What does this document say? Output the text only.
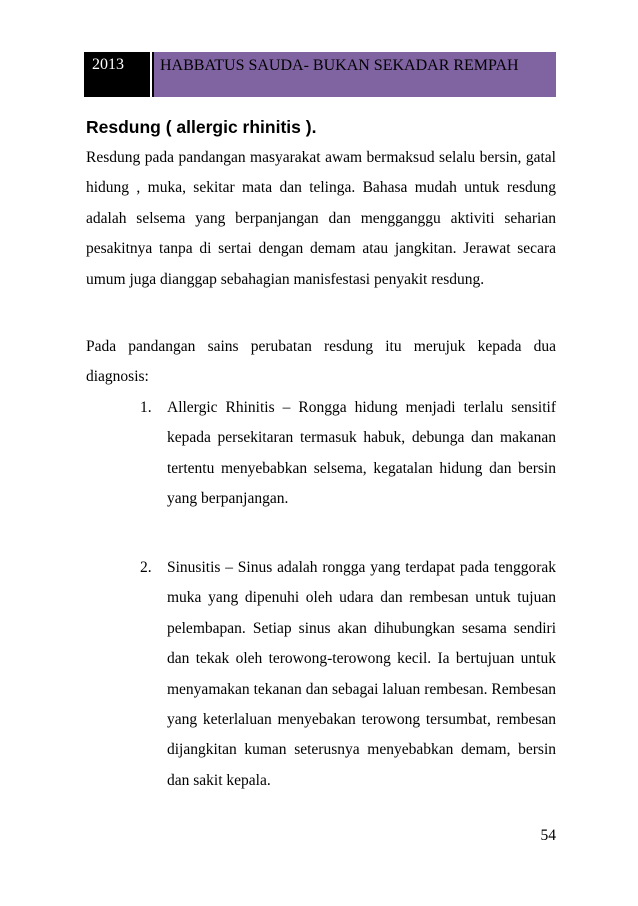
2013	HABBATUS SAUDA- BUKAN SEKADAR REMPAH
Resdung ( allergic rhinitis ).

Resdung pada pandangan masyarakat awam bermaksud selalu bersin, gatal hidung , muka, sekitar mata dan telinga. Bahasa mudah untuk resdung adalah selsema yang berpanjangan dan mengganggu aktiviti seharian pesakitnya tanpa di sertai dengan demam atau jangkitan. Jerawat secara umum juga dianggap sebahagian manisfestasi penyakit resdung.

Pada pandangan sains perubatan resdung itu merujuk kepada dua diagnosis:

1. Allergic Rhinitis – Rongga hidung menjadi terlalu sensitif kepada persekitaran termasuk habuk, debunga dan makanan tertentu menyebabkan selsema, kegatalan hidung dan bersin yang berpanjangan.
2. Sinusitis – Sinus adalah rongga yang terdapat pada tenggorak muka yang dipenuhi oleh udara dan rembesan untuk tujuan pelembapan. Setiap sinus akan dihubungkan sesama sendiri dan tekak oleh terowong-terowong kecil. Ia bertujuan untuk menyamakan tekanan dan sebagai laluan rembesan. Rembesan yang keterlaluan menyebakan terowong tersumbat, rembesan dijangkitan kuman seterusnya menyebabkan demam, bersin dan sakit kepala.
54
